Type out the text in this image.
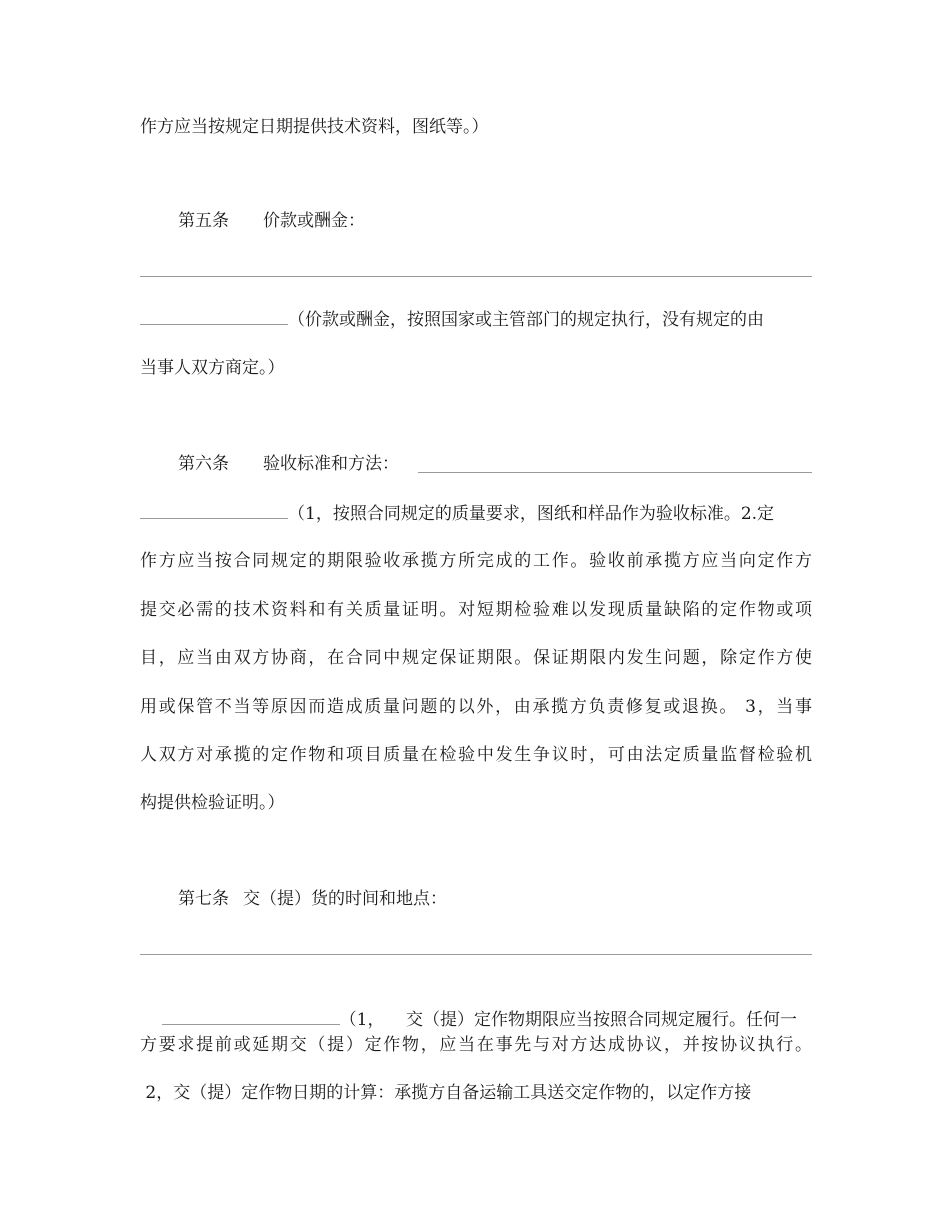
作方应当按规定日期提供技术资料，图纸等。）
第五条 价款或酬金：
（价款或酬金，按照国家或主管部门的规定执行，没有规定的由
当事人双方商定。）
第六条 验收标准和方法：
（1，按照合同规定的质量要求，图纸和样品作为验收标准。2.定
作方应当按合同规定的期限验收承揽方所完成的工作。验收前承揽方应当向定作方
提交必需的技术资料和有关质量证明。对短期检验难以发现质量缺陷的定作物或项
目，应当由双方协商，在合同中规定保证期限。保证期限内发生问题，除定作方使
用或保管不当等原因而造成质量问题的以外，由承揽方负责修复或退换。 3，当事
人双方对承揽的定作物和项目质量在检验中发生争议时，可由法定质量监督检验机
构提供检验证明。）
第七条 交（提）货的时间和地点：

（1，    交（提）定作物期限应当按照合同规定履行。任何一

方要求提前或延期交（提）定作物，应当在事先与对方达成协议，并按协议执行。
2，交（提）定作物日期的计算：承揽方自备运输工具送交定作物的，以定作方接
